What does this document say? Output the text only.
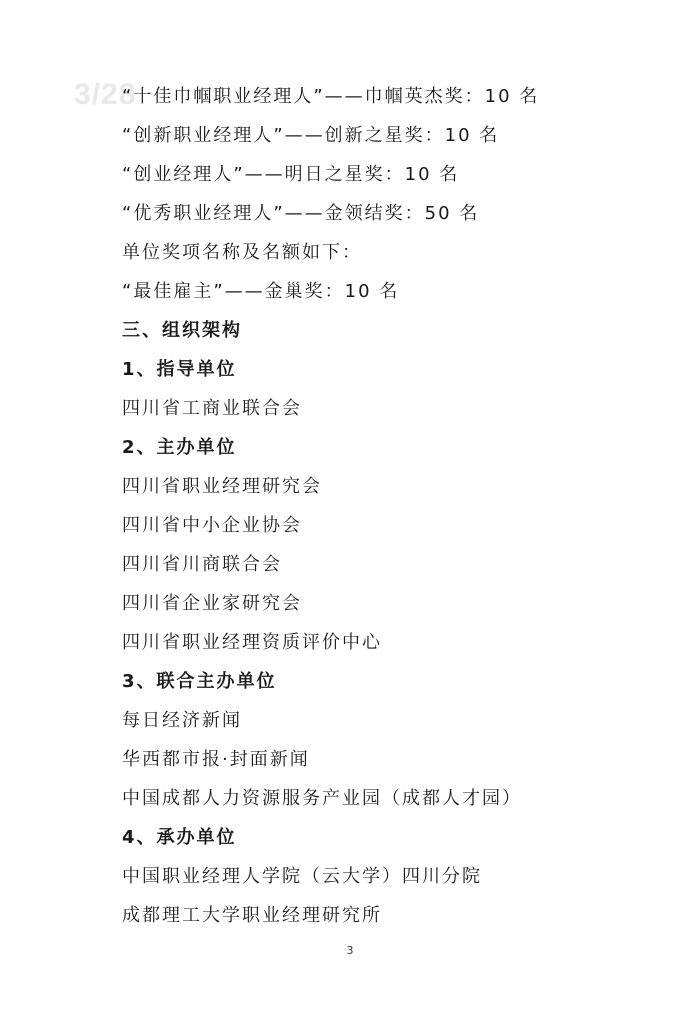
3/28
“十佳巾帼职业经理人”——巾帼英杰奖：10 名
“创新职业经理人”——创新之星奖：10 名
“创业经理人”——明日之星奖：10 名
“优秀职业经理人”——金领结奖：50 名
单位奖项名称及名额如下：
“最佳雇主”——金巢奖：10 名
三、组织架构
1、指导单位
四川省工商业联合会
2、主办单位
四川省职业经理研究会
四川省中小企业协会
四川省川商联合会
四川省企业家研究会
四川省职业经理资质评价中心
3、联合主办单位
每日经济新闻
华西都市报·封面新闻
中国成都人力资源服务产业园（成都人才园）
4、承办单位
中国职业经理人学院（云大学）四川分院
成都理工大学职业经理研究所
3
